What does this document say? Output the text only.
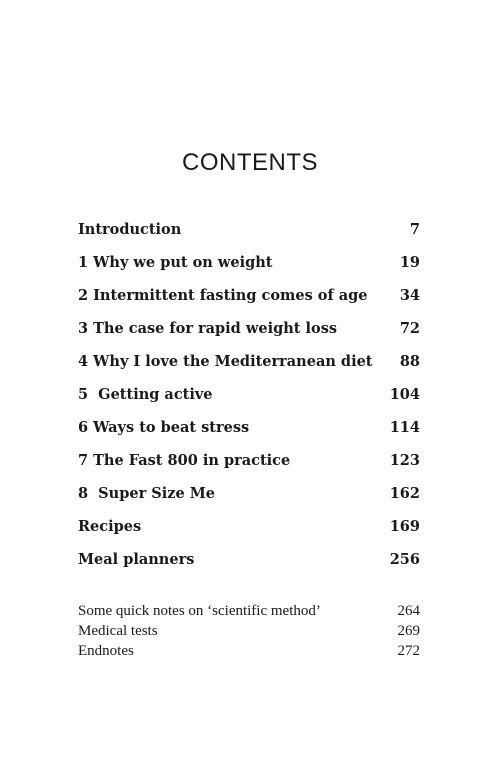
CONTENTS
Introduction	7
1 Why we put on weight	19
2 Intermittent fasting comes of age 34
3 The case for rapid weight loss	72
4 Why I love the Mediterranean diet 88
5  Getting active	104
6 Ways to beat stress	114
7 The Fast 800 in practice	123
8  Super Size Me	162
Recipes	169
Meal planners	256
Some quick notes on ‘scientific method’	264
Medical tests	269
Endnotes	272
